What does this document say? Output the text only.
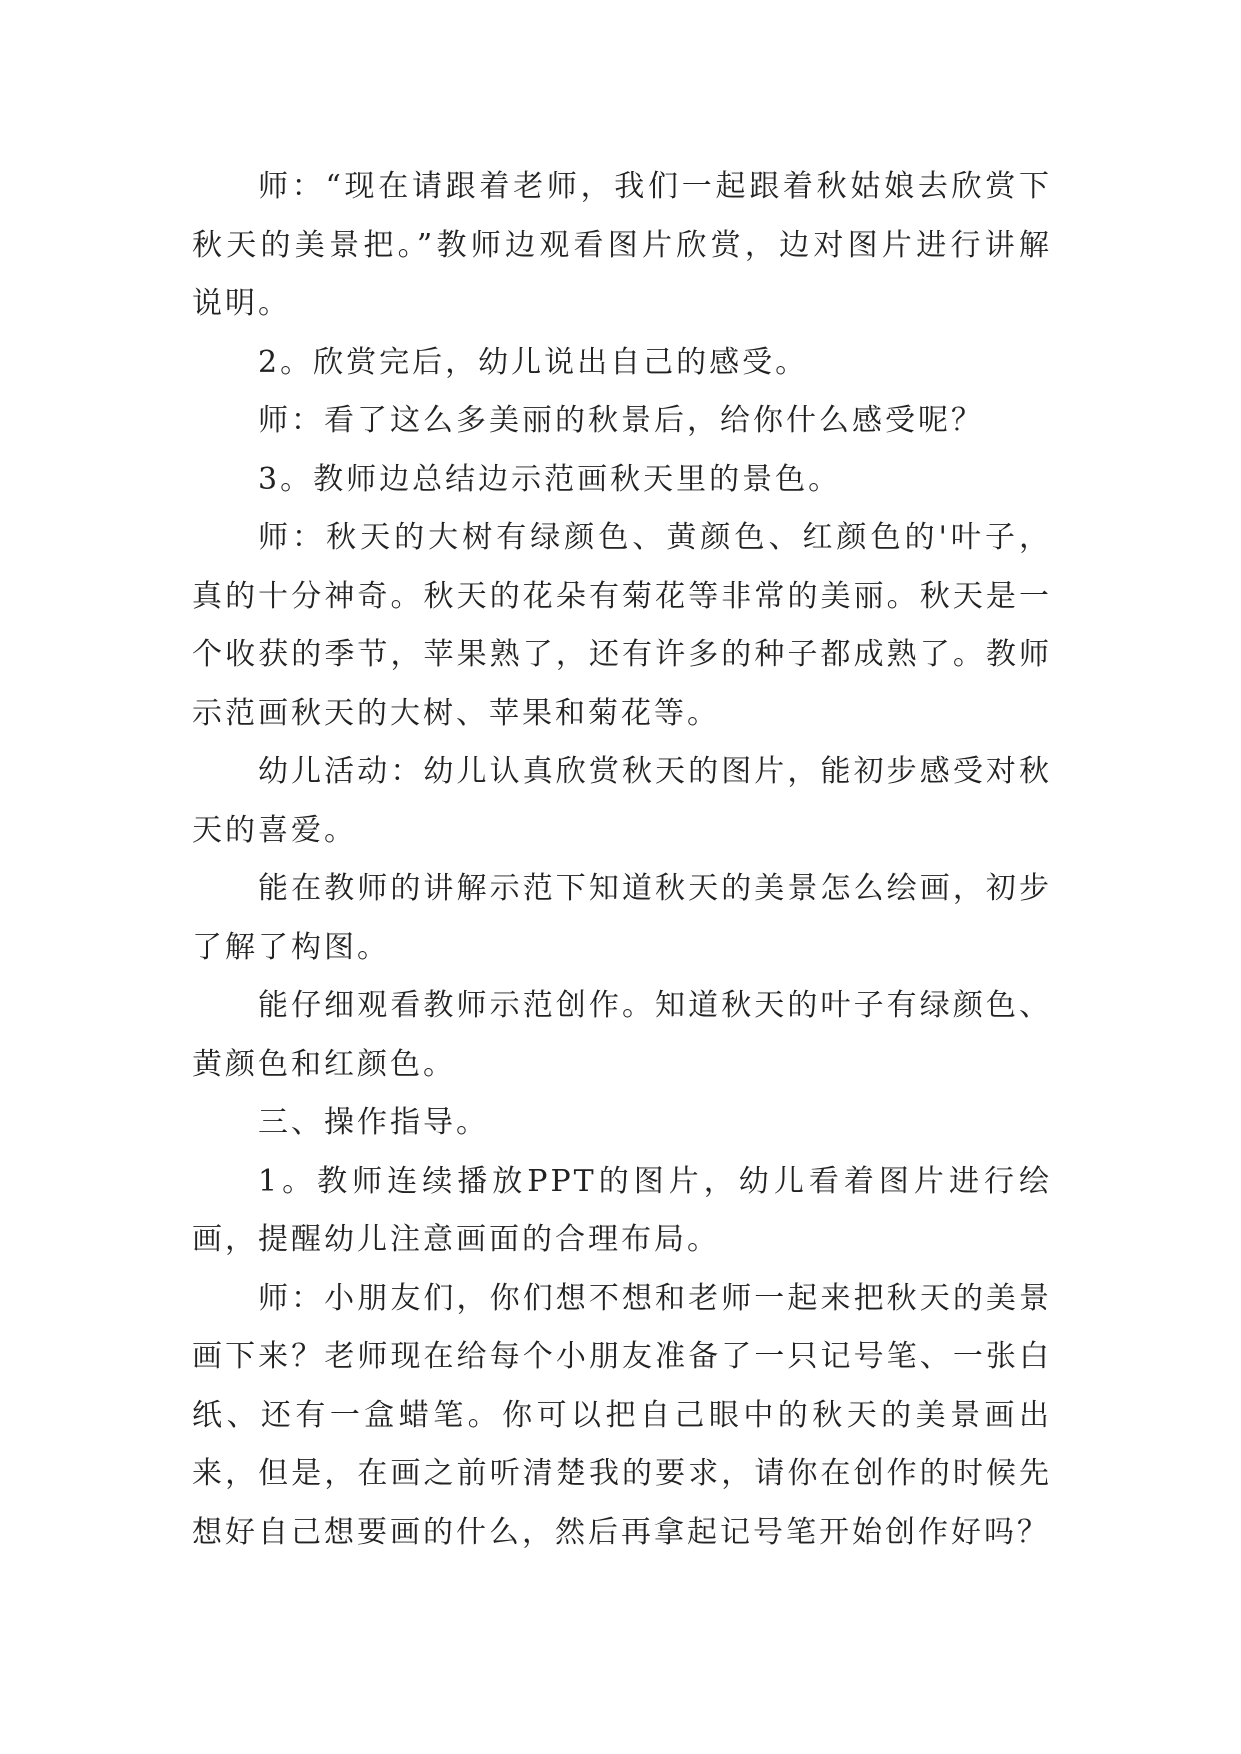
师：“现在请跟着老师，我们一起跟着秋姑娘去欣赏下秋天的美景把。”教师边观看图片欣赏，边对图片进行讲解说明。

2。欣赏完后，幼儿说出自己的感受。

师：看了这么多美丽的秋景后，给你什么感受呢？

3。教师边总结边示范画秋天里的景色。

师：秋天的大树有绿颜色、黄颜色、红颜色的'叶子，真的十分神奇。秋天的花朵有菊花等非常的美丽。秋天是一个收获的季节，苹果熟了，还有许多的种子都成熟了。教师示范画秋天的大树、苹果和菊花等。

幼儿活动：幼儿认真欣赏秋天的图片，能初步感受对秋天的喜爱。

能在教师的讲解示范下知道秋天的美景怎么绘画，初步了解了构图。

能仔细观看教师示范创作。知道秋天的叶子有绿颜色、黄颜色和红颜色。

三、操作指导。

1。教师连续播放PPT的图片，幼儿看着图片进行绘画，提醒幼儿注意画面的合理布局。

师：小朋友们，你们想不想和老师一起来把秋天的美景画下来？老师现在给每个小朋友准备了一只记号笔、一张白纸、还有一盒蜡笔。你可以把自己眼中的秋天的美景画出来，但是，在画之前听清楚我的要求，请你在创作的时候先想好自己想要画的什么，然后再拿起记号笔开始创作好吗？
